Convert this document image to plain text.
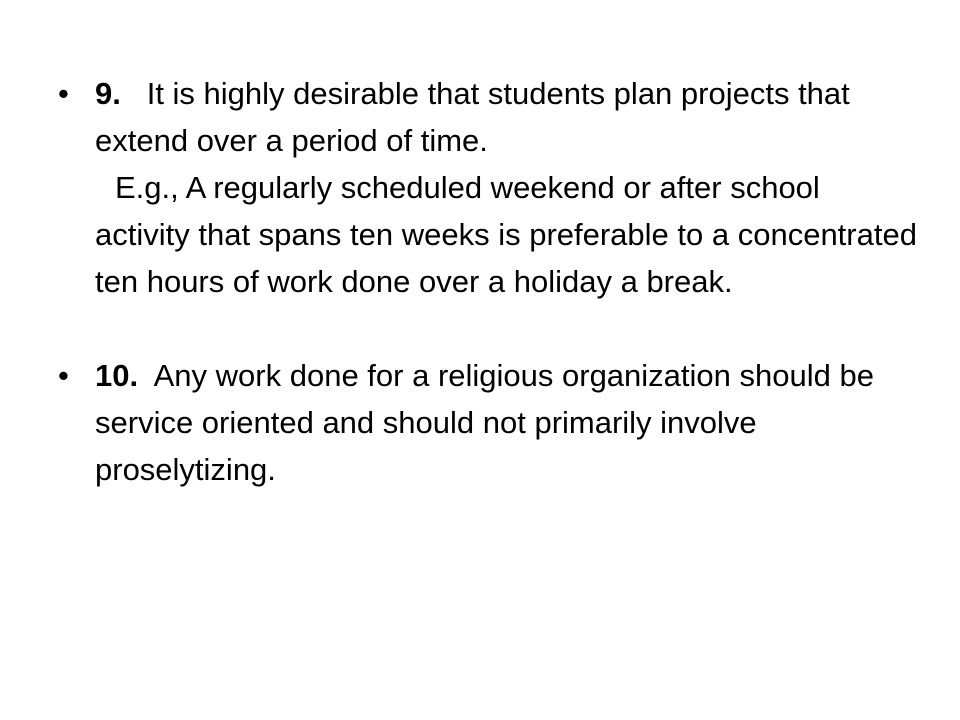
• 9. It is highly desirable that students plan projects that extend over a period of time.
E.g., A regularly scheduled weekend or after school activity that spans ten weeks is preferable to a concentrated ten hours of work done over a holiday a break.
• 10. Any work done for a religious organization should be service oriented and should not primarily involve proselytizing.
